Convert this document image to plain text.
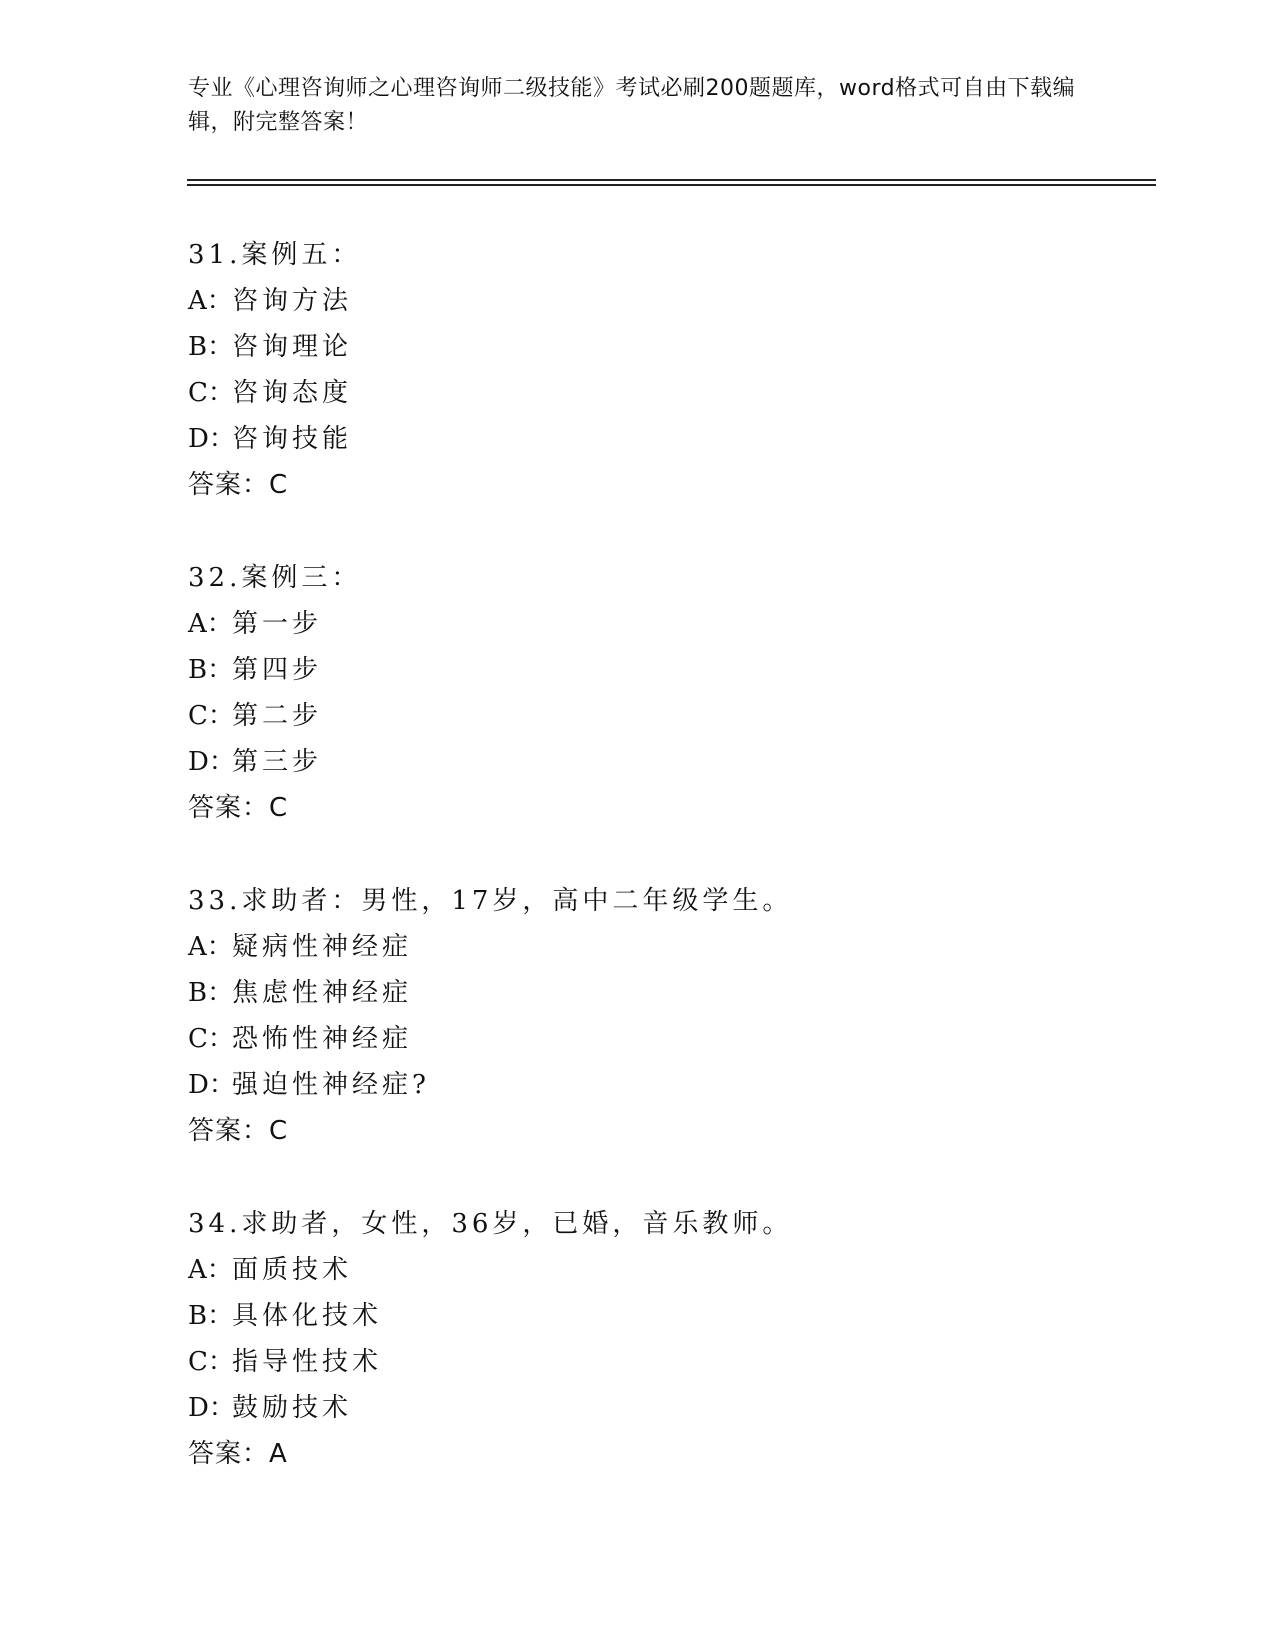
专业《心理咨询师之心理咨询师二级技能》考试必刷200题题库，word格式可自由下载编辑，附完整答案！
31.案例五：
A：咨询方法
B：咨询理论
C：咨询态度
D：咨询技能
答案：C
32.案例三：
A：第一步
B：第四步
C：第二步
D：第三步
答案：C
33.求助者：男性，17岁，高中二年级学生。
A：疑病性神经症
B：焦虑性神经症
C：恐怖性神经症
D：强迫性神经症?
答案：C
34.求助者，女性，36岁，已婚，音乐教师。
A：面质技术
B：具体化技术
C：指导性技术
D：鼓励技术
答案：A
